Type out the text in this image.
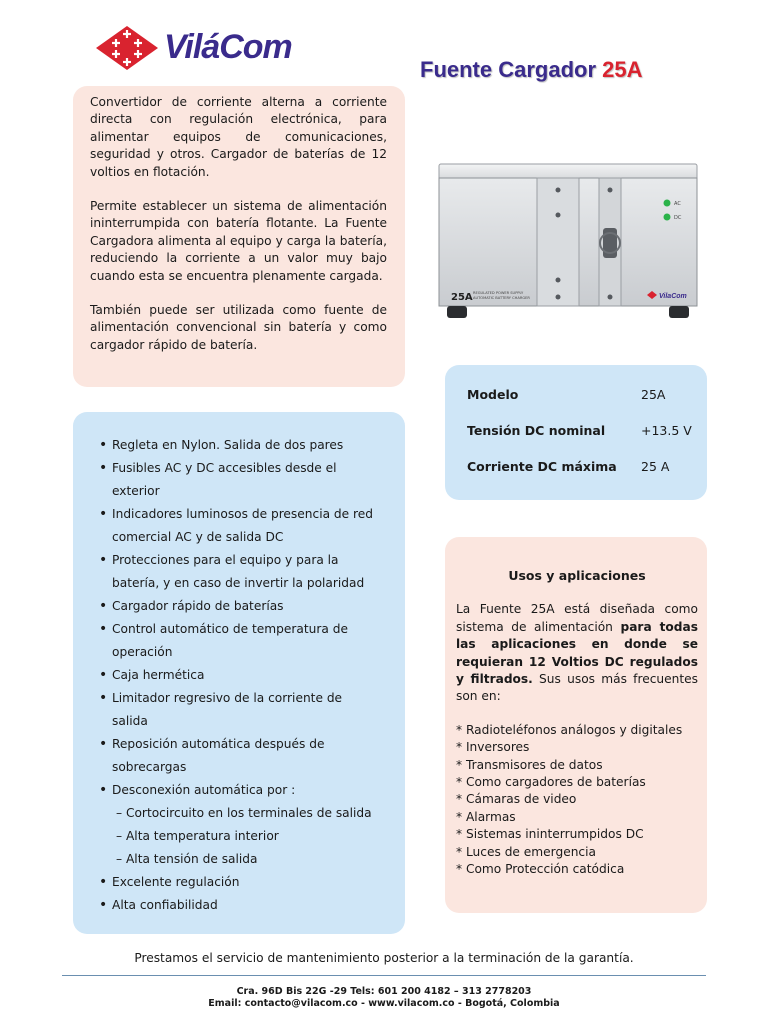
ViláCom
Fuente Cargador 25A

Convertidor de corriente alterna a corriente directa con regulación electrónica, para alimentar equipos de comunicaciones, seguridad y otros. Cargador de baterías de 12 voltios en flotación.

Permite establecer un sistema de alimentación ininterrumpida con batería flotante. La Fuente Cargadora alimenta al equipo y carga la batería, reduciendo la corriente a un valor muy bajo cuando esta se encuentra plenamente cargada.

También puede ser utilizada como fuente de alimentación convencional sin batería y como cargador rápido de batería.

• Regleta en Nylon. Salida de dos pares
• Fusibles AC y DC accesibles desde el
exterior
• Indicadores luminosos de presencia de red
comercial AC y de salida DC
• Protecciones para el equipo y para la
batería, y en caso de invertir la polaridad
• Cargador rápido de baterías
• Control automático de temperatura de
operación
• Caja hermética
• Limitador regresivo de la corriente de
salida
• Reposición automática después de
sobrecargas
• Desconexión automática por :
– Cortocircuito en los terminales de salida
– Alta temperatura interior
– Alta tensión de salida
• Excelente regulación
• Alta confiabilidad
AC
DC
25A REGULATED POWER SUPPLY
AUTOMATIC BATTERY CHARGER	VilaCom
Modelo	25A
Tensión DC nominal	+13.5 V
Corriente DC máxima	25 A
Usos y aplicaciones

La Fuente 25A está diseñada como sistema de alimentación para todas las aplicaciones en donde se requieran 12 Voltios DC regulados y filtrados. Sus usos más frecuentes son en:

* Radioteléfonos análogos y digitales
* Inversores
* Transmisores de datos
* Como cargadores de baterías
* Cámaras de video
* Alarmas
* Sistemas ininterrumpidos DC
* Luces de emergencia
* Como Protección catódica
Prestamos el servicio de mantenimiento posterior a la terminación de la garantía.
Cra. 96D Bis 22G -29 Tels: 601 200 4182 – 313 2778203
Email: contacto@vilacom.co - www.vilacom.co - Bogotá, Colombia
